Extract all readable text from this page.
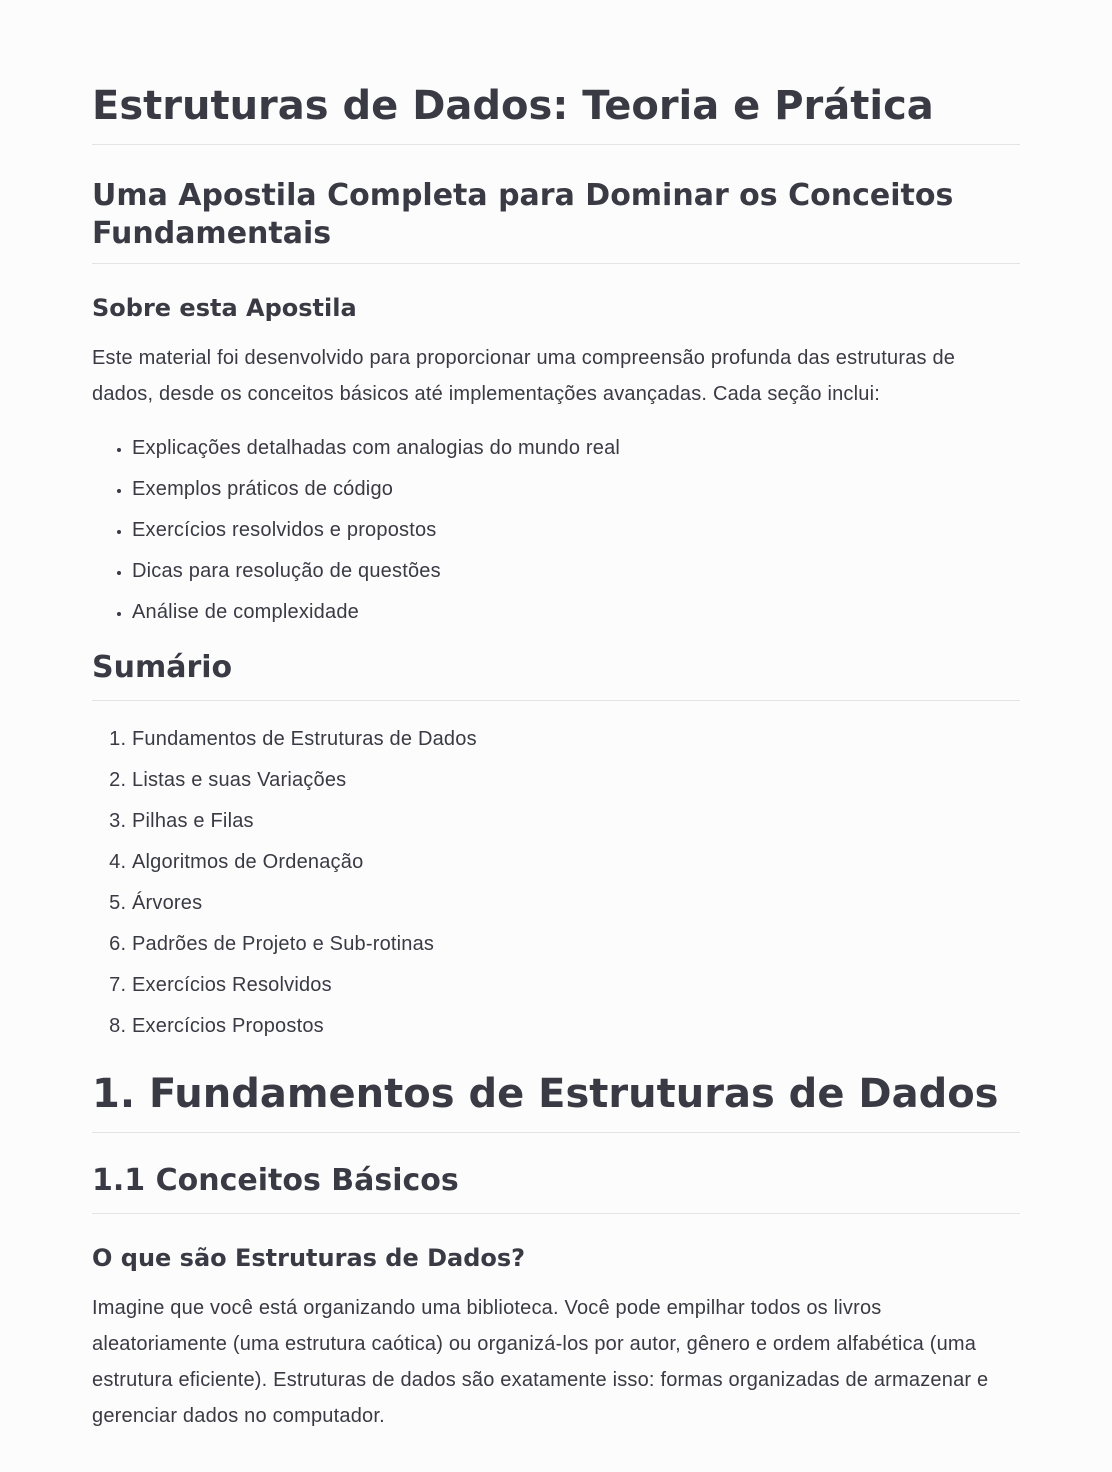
Estruturas de Dados: Teoria e Prática
Uma Apostila Completa para Dominar os Conceitos Fundamentais
Sobre esta Apostila

Este material foi desenvolvido para proporcionar uma compreensão profunda das estruturas de dados, desde os conceitos básicos até implementações avançadas. Cada seção inclui:

• Explicações detalhadas com analogias do mundo real
• Exemplos práticos de código
• Exercícios resolvidos e propostos
• Dicas para resolução de questões
• Análise de complexidade
Sumário
1. Fundamentos de Estruturas de Dados
2. Listas e suas Variações
3. Pilhas e Filas
4. Algoritmos de Ordenação
5. Árvores
6. Padrões de Projeto e Sub-rotinas
7. Exercícios Resolvidos
8. Exercícios Propostos
1. Fundamentos de Estruturas de Dados
1.1 Conceitos Básicos
O que são Estruturas de Dados?

Imagine que você está organizando uma biblioteca. Você pode empilhar todos os livros aleatoriamente (uma estrutura caótica) ou organizá-los por autor, gênero e ordem alfabética (uma estrutura eficiente). Estruturas de dados são exatamente isso: formas organizadas de armazenar e gerenciar dados no computador.
